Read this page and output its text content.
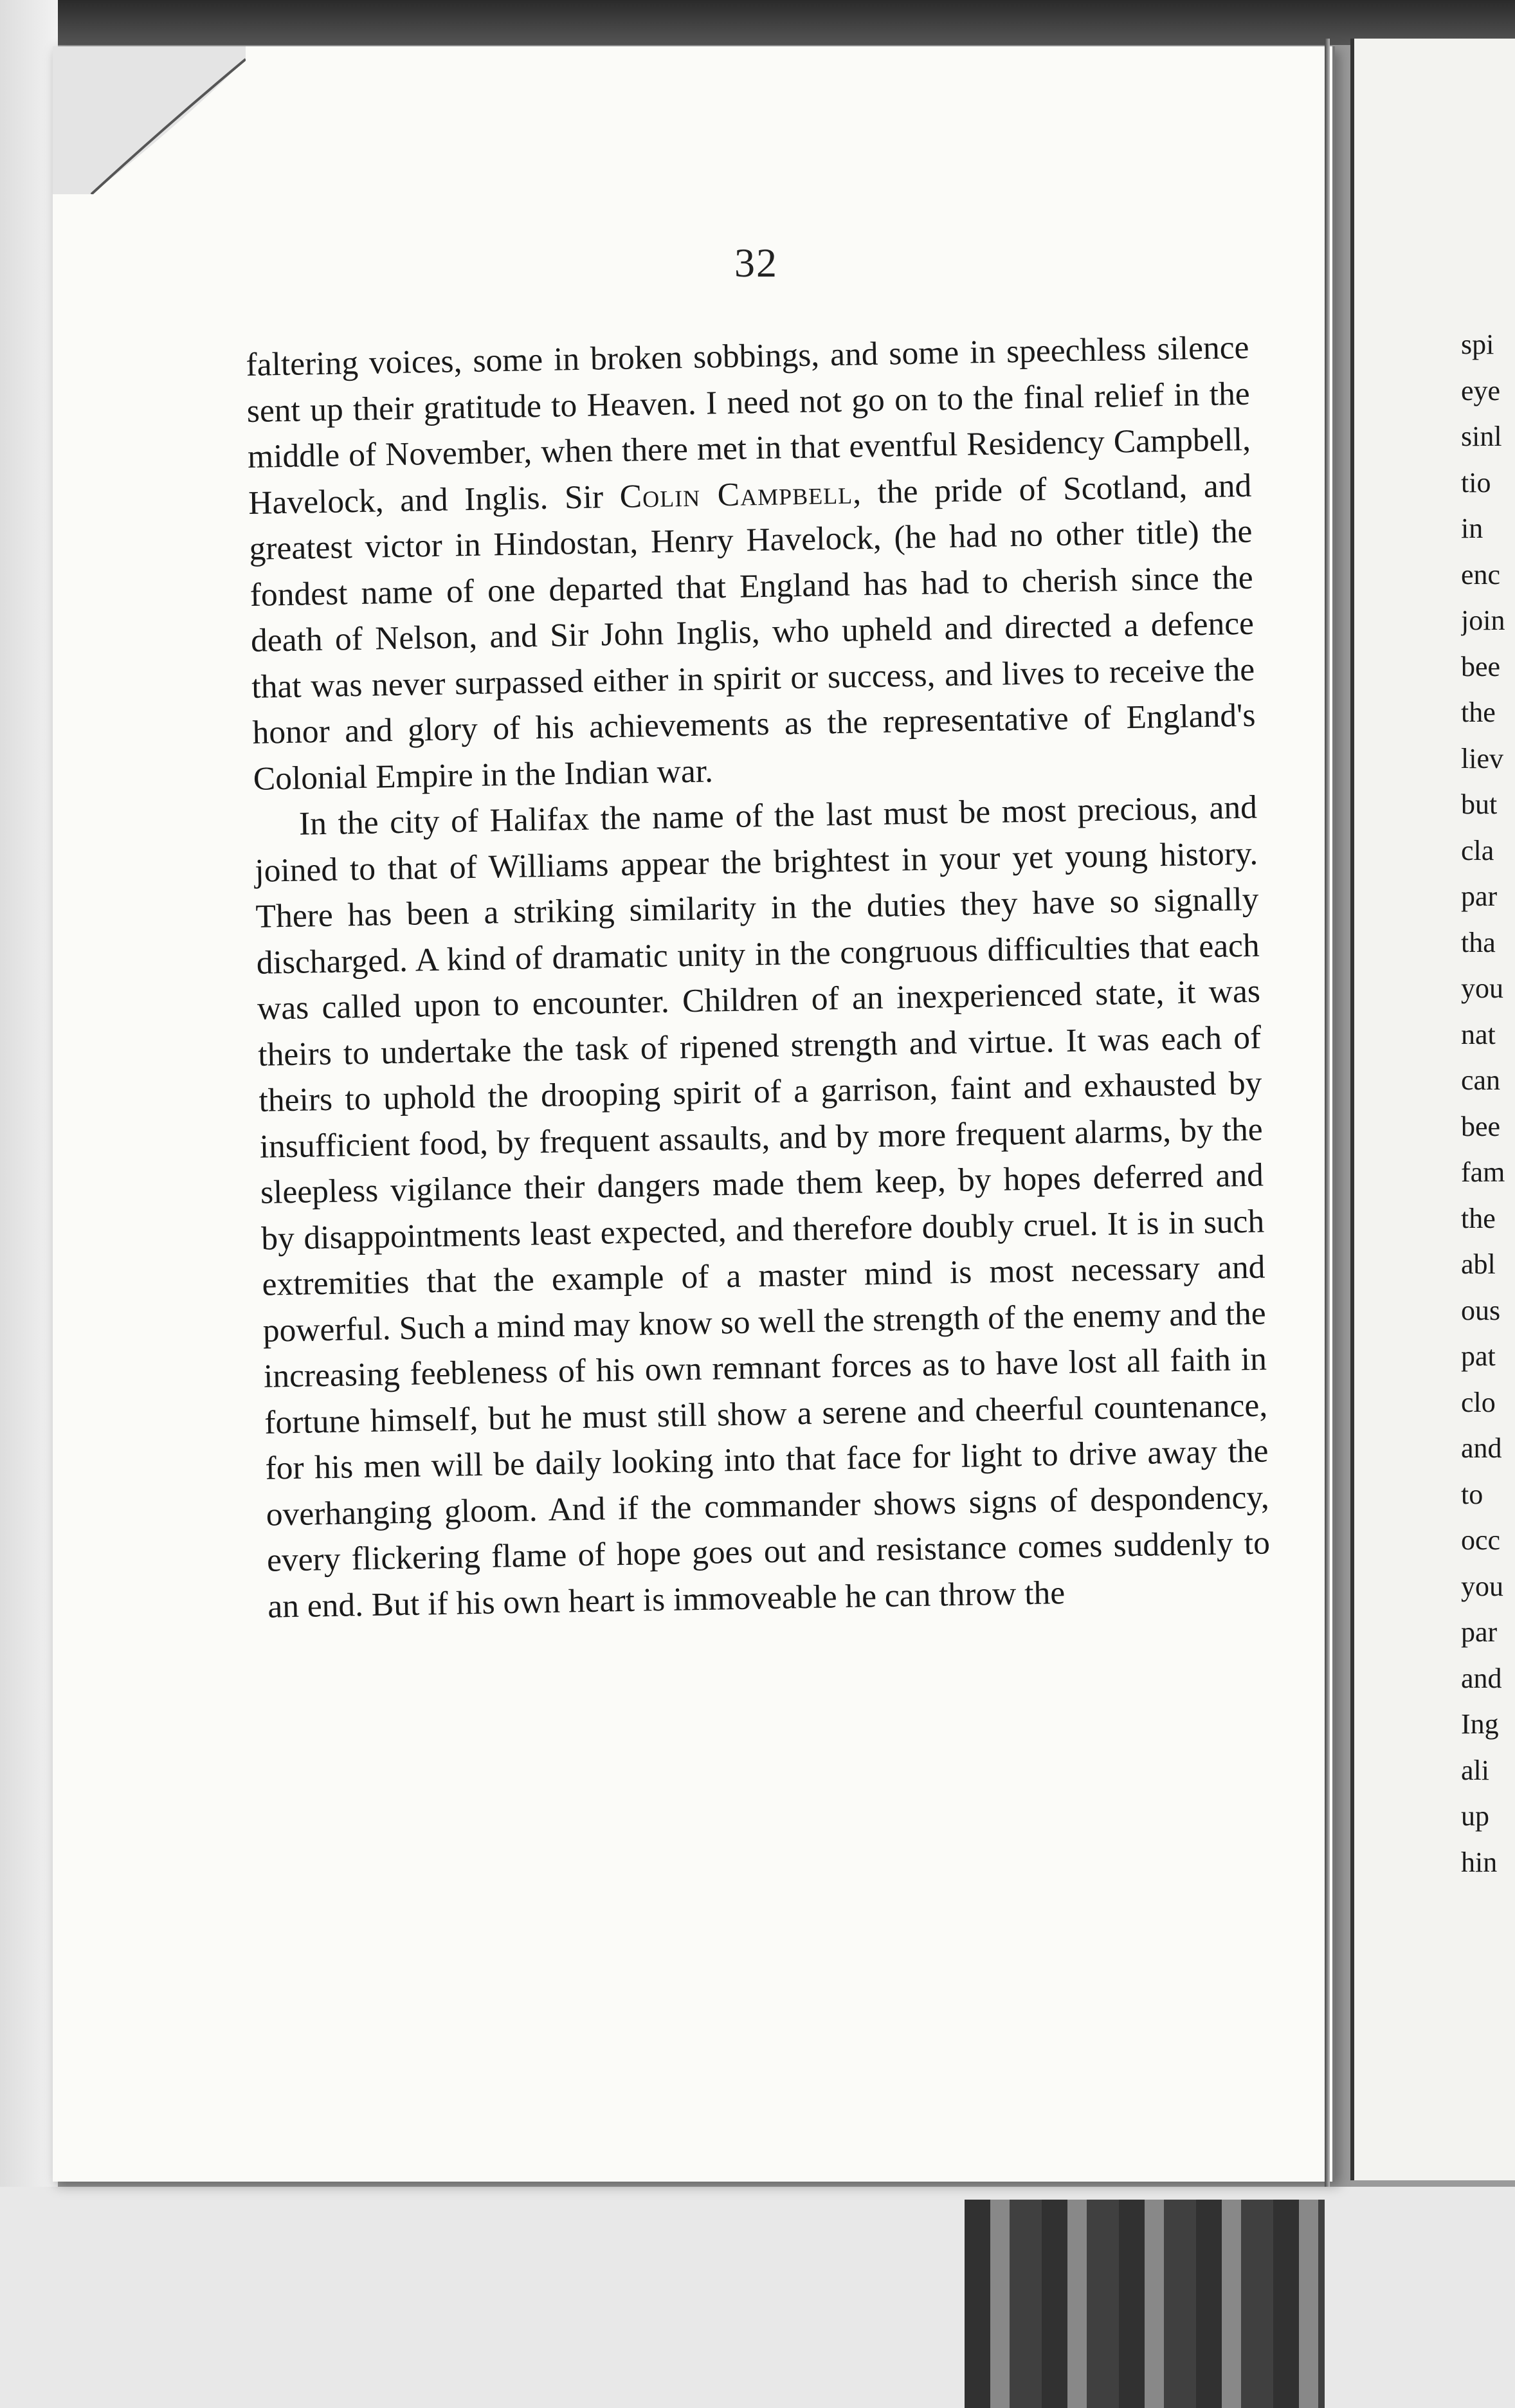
32

faltering voices, some in broken sobbings, and some in speechless silence sent up their gratitude to Heaven. I need not go on to the final relief in the middle of November, when there met in that eventful Residency Campbell, Havelock, and Inglis. Sir Colin Campbell, the pride of Scotland, and greatest victor in Hindostan, Henry Havelock, (he had no other title) the fondest name of one departed that England has had to cherish since the death of Nelson, and Sir John Inglis, who upheld and directed a defence that was never surpassed either in spirit or success, and lives to receive the honor and glory of his achievements as the representative of England's Colonial Empire in the Indian war.

In the city of Halifax the name of the last must be most precious, and joined to that of Williams appear the brightest in your yet young history. There has been a striking similarity in the duties they have so signally discharged. A kind of dramatic unity in the congruous difficulties that each was called upon to encounter. Children of an inexperienced state, it was theirs to undertake the task of ripened strength and virtue. It was each of theirs to uphold the drooping spirit of a garrison, faint and exhausted by insufficient food, by frequent assaults, and by more frequent alarms, by the sleepless vigilance their dangers made them keep, by hopes deferred and by disappointments least expected, and therefore doubly cruel. It is in such extremities that the example of a master mind is most necessary and powerful. Such a mind may know so well the strength of the enemy and the increasing feebleness of his own remnant forces as to have lost all faith in fortune himself, but he must still show a serene and cheerful countenance, for his men will be daily looking into that face for light to drive away the overhanging gloom. And if the commander shows signs of despondency, every flickering flame of hope goes out and resistance comes suddenly to an end. But if his own heart is immoveable he can throw the

spi
eye
sinl
tio
in
enc
join
bee
the
liev
but
cla
par
tha
you
nat
can
bee
fam
the
abl
ous
pat
clo
and
to
occ
you
par
and
Ing
ali
up
hin
